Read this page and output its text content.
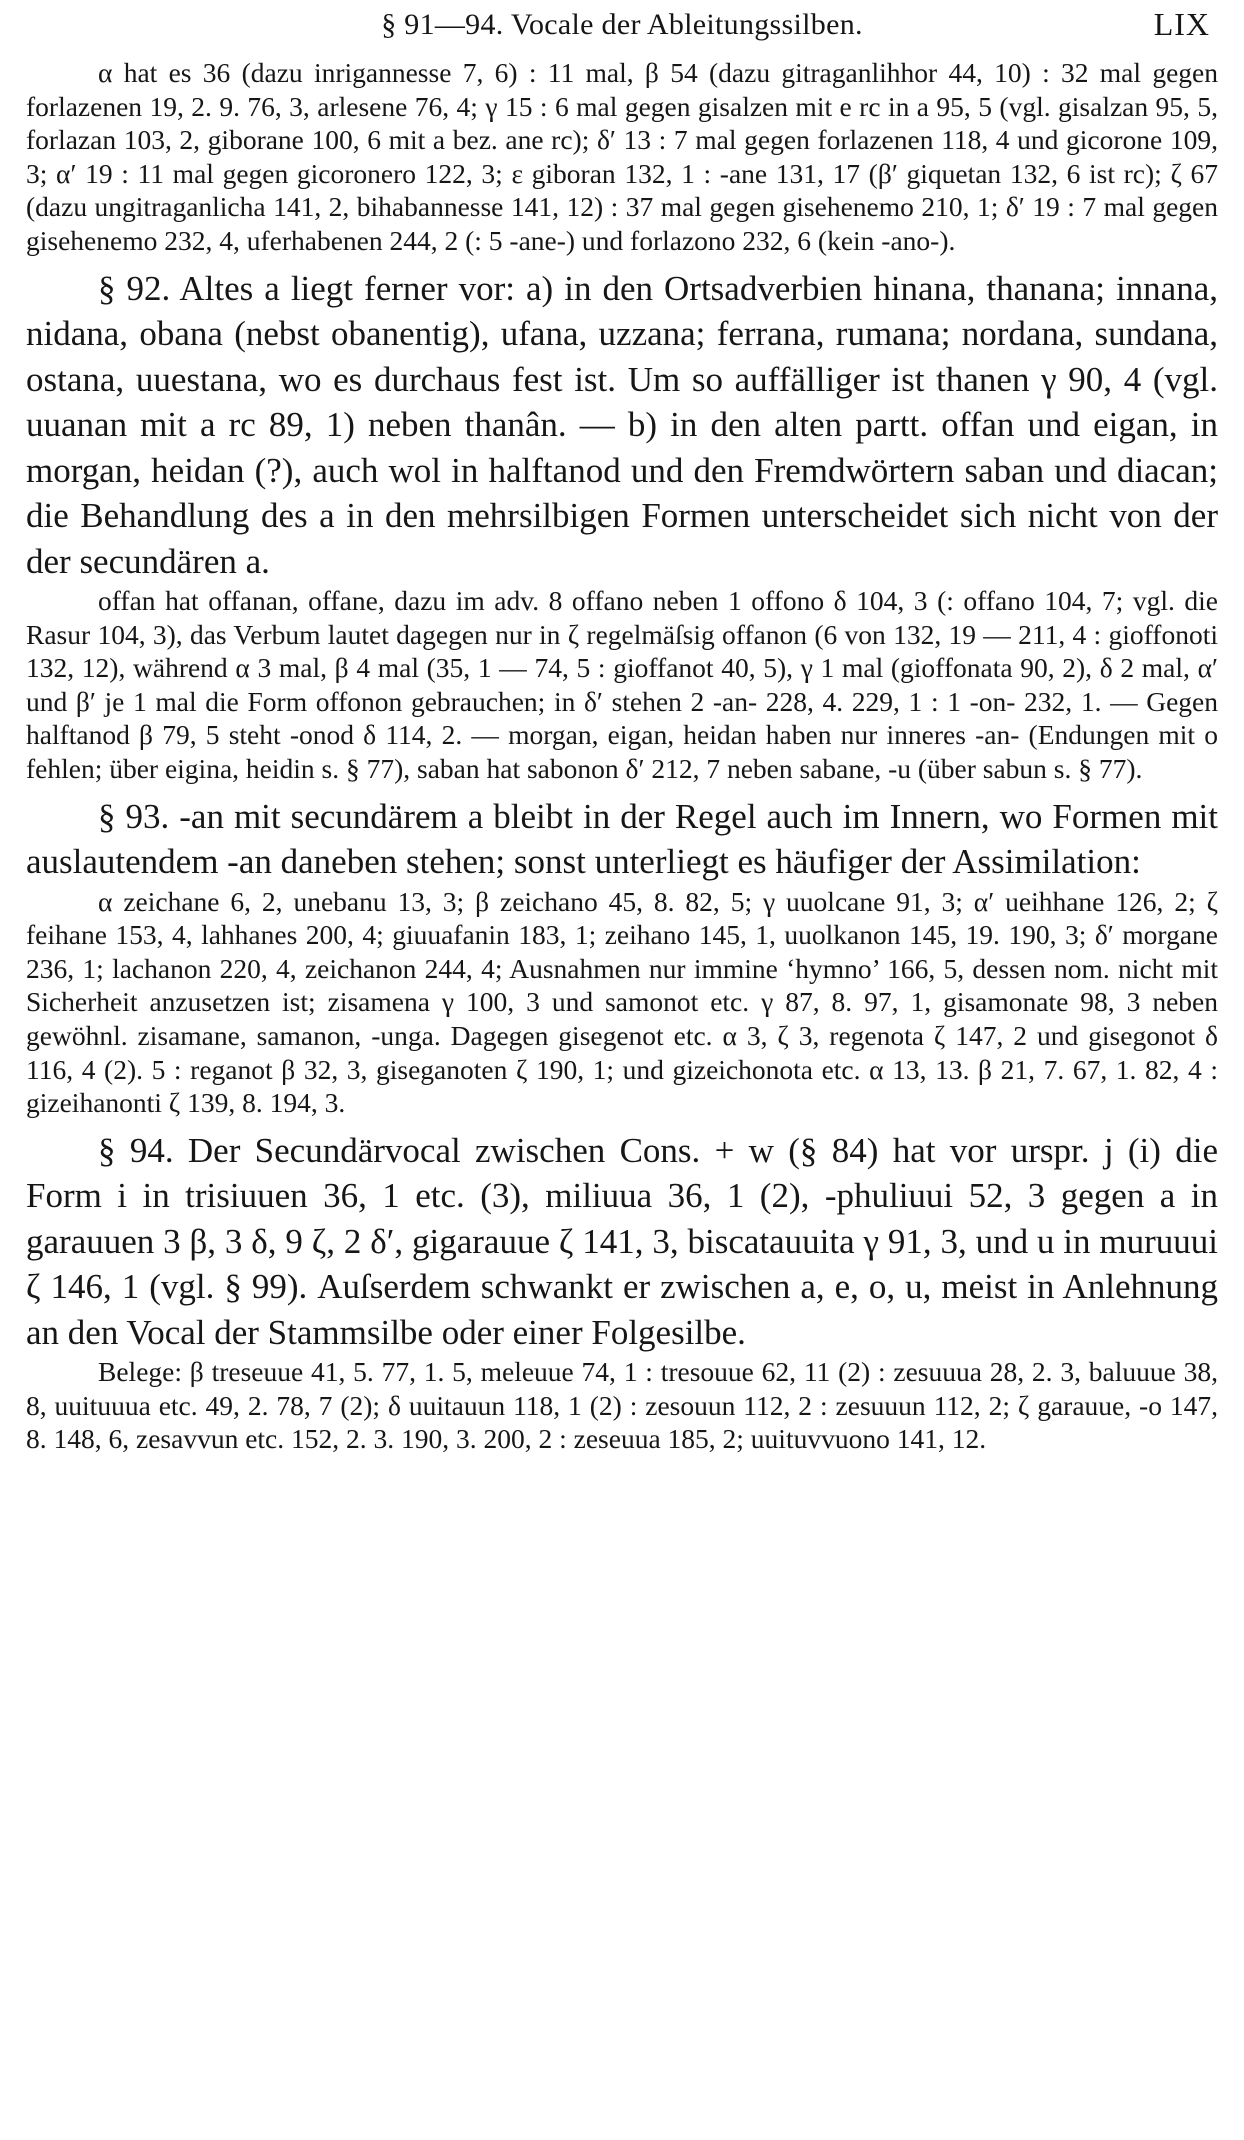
§ 91—94. Vocale der Ableitungssilben.	LIX

α hat es 36 (dazu inrigannesse 7, 6) : 11 mal, β 54 (dazu gitraganlihhor 44, 10) : 32 mal gegen forlazenen 19, 2. 9. 76, 3, arlesene 76, 4; γ 15 : 6 mal gegen gisalzen mit e rc in a 95, 5 (vgl. gisalzan 95, 5, forlazan 103, 2, giborane 100, 6 mit a bez. ane rc); δ′ 13 : 7 mal gegen forlazenen 118, 4 und gicorone 109, 3; α′ 19 : 11 mal gegen gicoronero 122, 3; ε giboran 132, 1 : -ane 131, 17 (β′ giquetan 132, 6 ist rc); ζ 67 (dazu ungitraganlicha 141, 2, bihabannesse 141, 12) : 37 mal gegen gisehenemo 210, 1; δ′ 19 : 7 mal gegen gisehenemo 232, 4, uferhabenen 244, 2 (: 5 -ane-) und forlazono 232, 6 (kein -ano-).

§ 92. Altes a liegt ferner vor: a) in den Ortsadverbien hinana, thanana; innana, nidana, obana (nebst obanentig), ufana, uzzana; ferrana, rumana; nordana, sundana, ostana, uuestana, wo es durchaus fest ist. Um so auffälliger ist thanen γ 90, 4 (vgl. uuanan mit a rc 89, 1) neben thanân. — b) in den alten partt. offan und eigan, in morgan, heidan (?), auch wol in halftanod und den Fremdwörtern saban und diacan; die Behandlung des a in den mehrsilbigen Formen unterscheidet sich nicht von der der secundären a.

offan hat offanan, offane, dazu im adv. 8 offano neben 1 offono δ 104, 3 (: offano 104, 7; vgl. die Rasur 104, 3), das Verbum lautet dagegen nur in ζ regelmäſsig offanon (6 von 132, 19 — 211, 4 : gioffonoti 132, 12), während α 3 mal, β 4 mal (35, 1 — 74, 5 : gioffanot 40, 5), γ 1 mal (gioffonata 90, 2), δ 2 mal, α′ und β′ je 1 mal die Form offonon gebrauchen; in δ′ stehen 2 -an- 228, 4. 229, 1 : 1 -on- 232, 1. — Gegen halftanod β 79, 5 steht -onod δ 114, 2. — morgan, eigan, heidan haben nur inneres -an- (Endungen mit o fehlen; über eigina, heidin s. § 77), saban hat sabonon δ′ 212, 7 neben sabane, -u (über sabun s. § 77).

§ 93. -an mit secundärem a bleibt in der Regel auch im Innern, wo Formen mit auslautendem -an daneben stehen; sonst unterliegt es häufiger der Assimilation:

α zeichane 6, 2, unebanu 13, 3; β zeichano 45, 8. 82, 5; γ uuolcane 91, 3; α′ ueihhane 126, 2; ζ feihane 153, 4, lahhanes 200, 4; giuuafanin 183, 1; zeihano 145, 1, uuolkanon 145, 19. 190, 3; δ′ morgane 236, 1; lachanon 220, 4, zeichanon 244, 4; Ausnahmen nur immine ‘hymno’ 166, 5, dessen nom. nicht mit Sicherheit anzusetzen ist; zisamena γ 100, 3 und samonot etc. γ 87, 8. 97, 1, gisamonate 98, 3 neben gewöhnl. zisamane, samanon, -unga. Dagegen gisegenot etc. α 3, ζ 3, regenota ζ 147, 2 und gisegonot δ 116, 4 (2). 5 : reganot β 32, 3, giseganoten ζ 190, 1; und gizeichonota etc. α 13, 13. β 21, 7. 67, 1. 82, 4 : gizeihanonti ζ 139, 8. 194, 3.

§ 94. Der Secundärvocal zwischen Cons. + w (§ 84) hat vor urspr. j (i) die Form i in trisiuuen 36, 1 etc. (3), miliuua 36, 1 (2), -phuliuui 52, 3 gegen a in garauuen 3 β, 3 δ, 9 ζ, 2 δ′, gigarauue ζ 141, 3, biscatauuita γ 91, 3, und u in muruuui ζ 146, 1 (vgl. § 99). Auſserdem schwankt er zwischen a, e, o, u, meist in Anlehnung an den Vocal der Stammsilbe oder einer Folgesilbe.

Belege: β treseuue 41, 5. 77, 1. 5, meleuue 74, 1 : tresouue 62, 11 (2) : zesuuua 28, 2. 3, baluuue 38, 8, uuituuua etc. 49, 2. 78, 7 (2); δ uuitauun 118, 1 (2) : zesouun 112, 2 : zesuuun 112, 2; ζ garauue, -o 147, 8. 148, 6, zesavvun etc. 152, 2. 3. 190, 3. 200, 2 : zeseuua 185, 2; uuituvvuono 141, 12.
